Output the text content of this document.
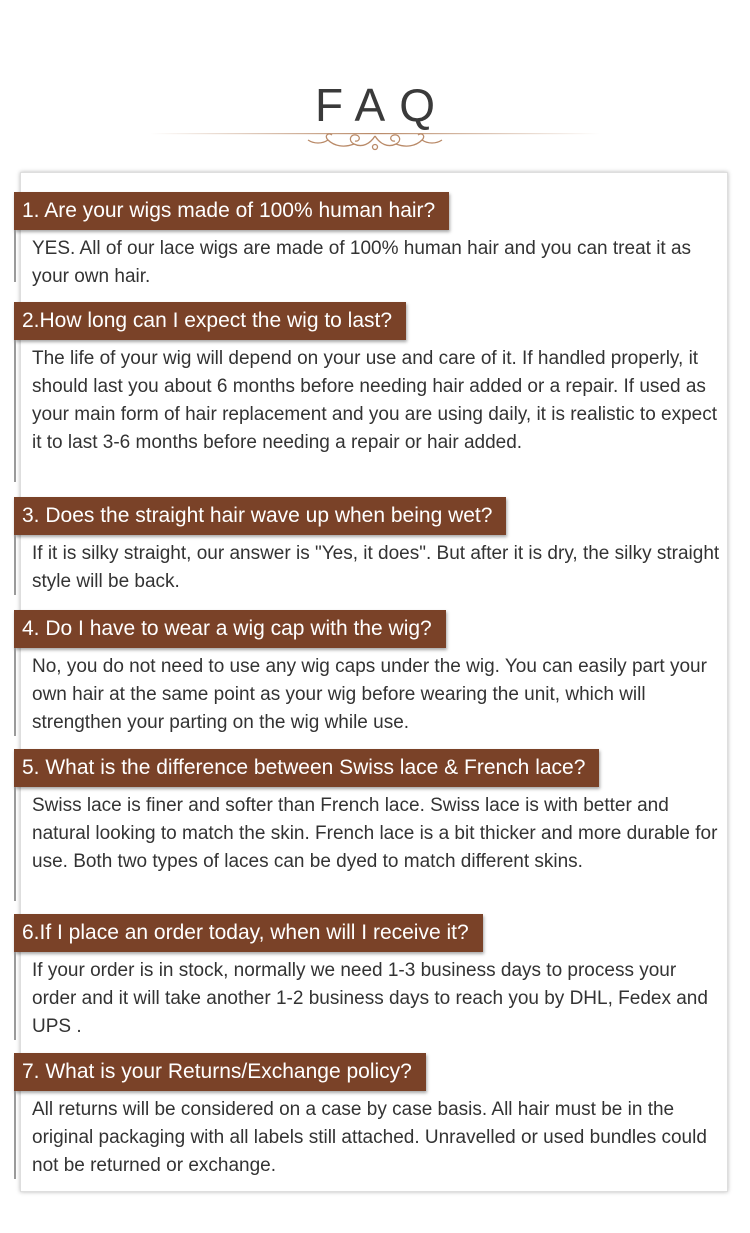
FAQ
1. Are your wigs made of 100% human hair?
YES. All of our lace wigs are made of 100% human hair and you can treat it as your own hair.
2.How long can I expect the wig to last?
The life of your wig will depend on your use and care of it. If handled properly, it should last you about 6 months before needing hair added or a repair. If used as your main form of hair replacement and you are using daily, it is realistic to expect it to last 3-6 months before needing a repair or hair added.
3. Does the straight hair wave up when being wet?
If it is silky straight, our answer is "Yes, it does". But after it is dry, the silky straight style will be back.
4. Do I have to wear a wig cap with the wig?
No, you do not need to use any wig caps under the wig. You can easily part your own hair at the same point as your wig before wearing the unit, which will strengthen your parting on the wig while use.
5. What is the difference between Swiss lace & French lace?
Swiss lace is finer and softer than French lace. Swiss lace is with better and natural looking to match the skin. French lace is a bit thicker and more durable for use. Both two types of laces can be dyed to match different skins.
6.If I place an order today, when will I receive it?
If your order is in stock, normally we need 1-3 business days to process your order and it will take another 1-2 business days to reach you by DHL, Fedex and UPS .
7. What is your Returns/Exchange policy?
All returns will be considered on a case by case basis. All hair must be in the original packaging with all labels still attached. Unravelled or used bundles could not be returned or exchange.
